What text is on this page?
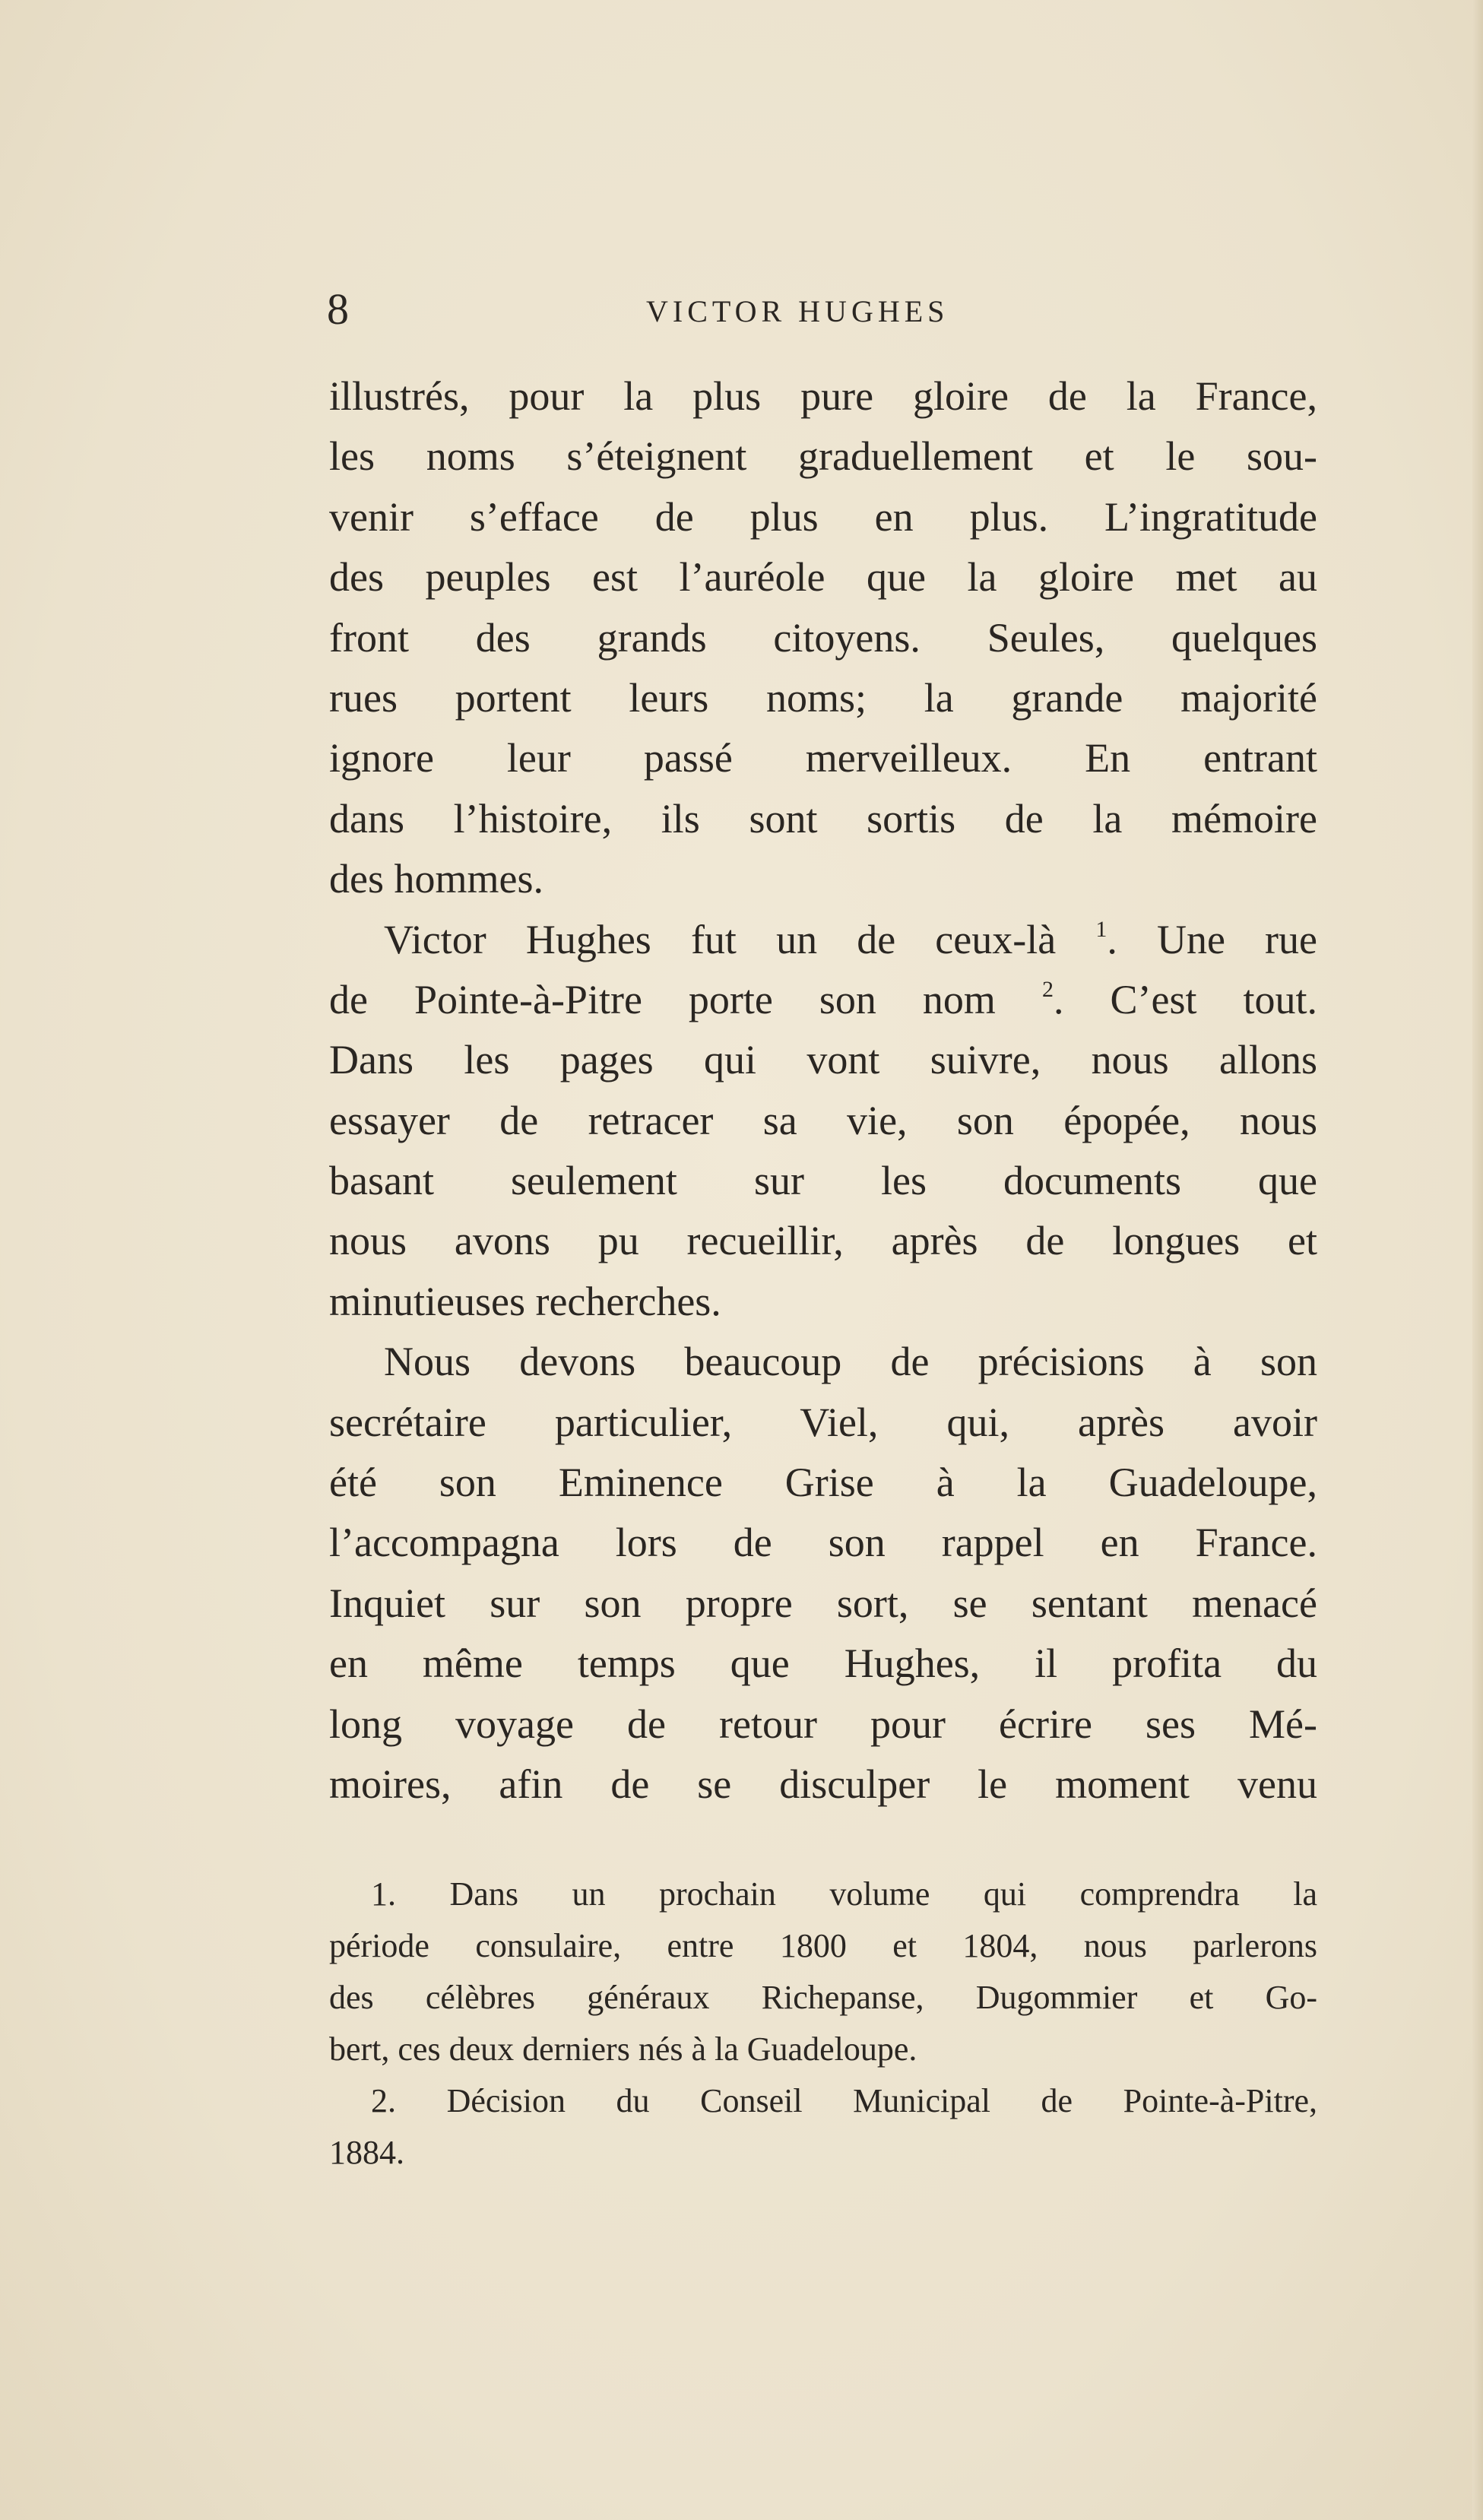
8	VICTOR HUGHES
illustrés, pour la plus pure gloire de la France,
les noms s’éteignent graduellement et le sou-
venir s’efface de plus en plus. L’ingratitude
des peuples est l’auréole que la gloire met au
front des grands citoyens. Seules, quelques
rues portent leurs noms; la grande majorité
ignore leur passé merveilleux. En entrant
dans l’histoire, ils sont sortis de la mémoire
des hommes.
Victor Hughes fut un de ceux-là $^1$. Une rue
de Pointe-à-Pitre porte son nom $^2$. C’est tout.
Dans les pages qui vont suivre, nous allons
essayer de retracer sa vie, son épopée, nous
basant seulement sur les documents que
nous avons pu recueillir, après de longues et
minutieuses recherches.
Nous devons beaucoup de précisions à son
secrétaire particulier, Viel, qui, après avoir
été son Eminence Grise à la Guadeloupe,
l’accompagna lors de son rappel en France.
Inquiet sur son propre sort, se sentant menacé
en même temps que Hughes, il profita du
long voyage de retour pour écrire ses Mé-
moires, afin de se disculper le moment venu
1. Dans un prochain volume qui comprendra la
période consulaire, entre 1800 et 1804, nous parlerons
des célèbres généraux Richepanse, Dugommier et Go-
bert, ces deux derniers nés à la Guadeloupe.
2. Décision du Conseil Municipal de Pointe-à-Pitre,
1884.
